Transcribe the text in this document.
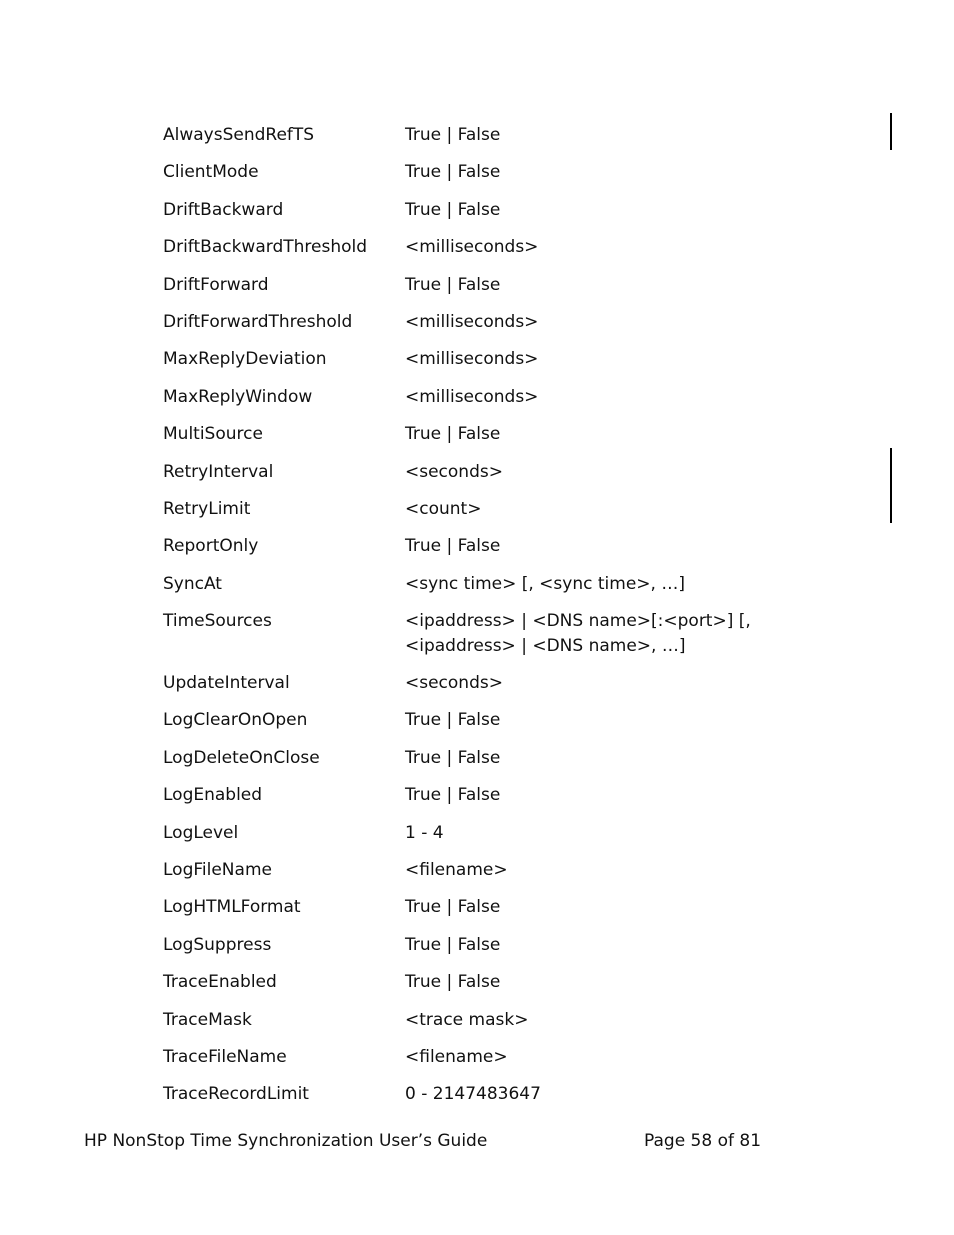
AlwaysSendRefTS	True | False
ClientMode	True | False
DriftBackward	True | False
DriftBackwardThreshold	<milliseconds>
DriftForward	True | False
DriftForwardThreshold	<milliseconds>
MaxReplyDeviation	<milliseconds>
MaxReplyWindow	<milliseconds>
MultiSource	True | False
RetryInterval	<seconds>
RetryLimit	<count>
ReportOnly	True | False
SyncAt	<sync time> [, <sync time>, …]
TimeSources	<ipaddress> | <DNS name>[:<port>] [,
<ipaddress> | <DNS name>, …]
UpdateInterval	<seconds>
LogClearOnOpen	True | False
LogDeleteOnClose	True | False
LogEnabled	True | False
LogLevel	1 - 4
LogFileName	<filename>
LogHTMLFormat	True | False
LogSuppress	True | False
TraceEnabled	True | False
TraceMask	<trace mask>
TraceFileName	<filename>
TraceRecordLimit	0 - 2147483647
HP NonStop Time Synchronization User’s Guide	Page 58 of 81
